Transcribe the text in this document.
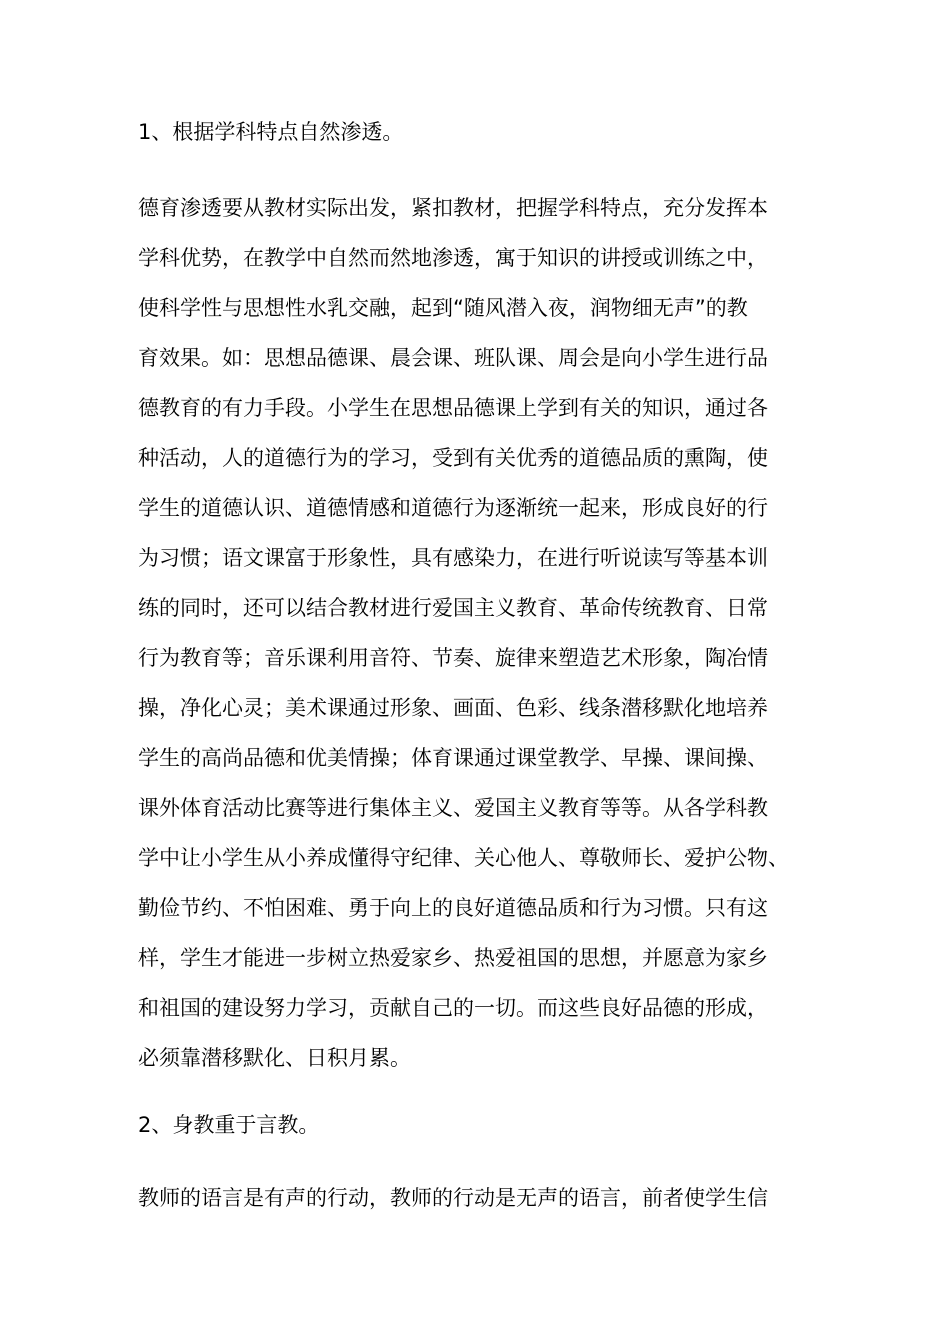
1、根据学科特点自然渗透。
德育渗透要从教材实际出发，紧扣教材，把握学科特点，充分发挥本
学科优势，在教学中自然而然地渗透，寓于知识的讲授或训练之中，
使科学性与思想性水乳交融，起到“随风潜入夜，润物细无声”的教
育效果。如：思想品德课、晨会课、班队课、周会是向小学生进行品
德教育的有力手段。小学生在思想品德课上学到有关的知识，通过各
种活动，人的道德行为的学习，受到有关优秀的道德品质的熏陶，使
学生的道德认识、道德情感和道德行为逐渐统一起来，形成良好的行
为习惯；语文课富于形象性，具有感染力，在进行听说读写等基本训
练的同时，还可以结合教材进行爱国主义教育、革命传统教育、日常
行为教育等；音乐课利用音符、节奏、旋律来塑造艺术形象，陶冶情
操，净化心灵；美术课通过形象、画面、色彩、线条潜移默化地培养
学生的高尚品德和优美情操；体育课通过课堂教学、早操、课间操、
课外体育活动比赛等进行集体主义、爱国主义教育等等。从各学科教
学中让小学生从小养成懂得守纪律、关心他人、尊敬师长、爱护公物、
勤俭节约、不怕困难、勇于向上的良好道德品质和行为习惯。只有这
样，学生才能进一步树立热爱家乡、热爱祖国的思想，并愿意为家乡
和祖国的建设努力学习，贡献自己的一切。而这些良好品德的形成，
必须靠潜移默化、日积月累。
2、身教重于言教。
教师的语言是有声的行动，教师的行动是无声的语言，前者使学生信
